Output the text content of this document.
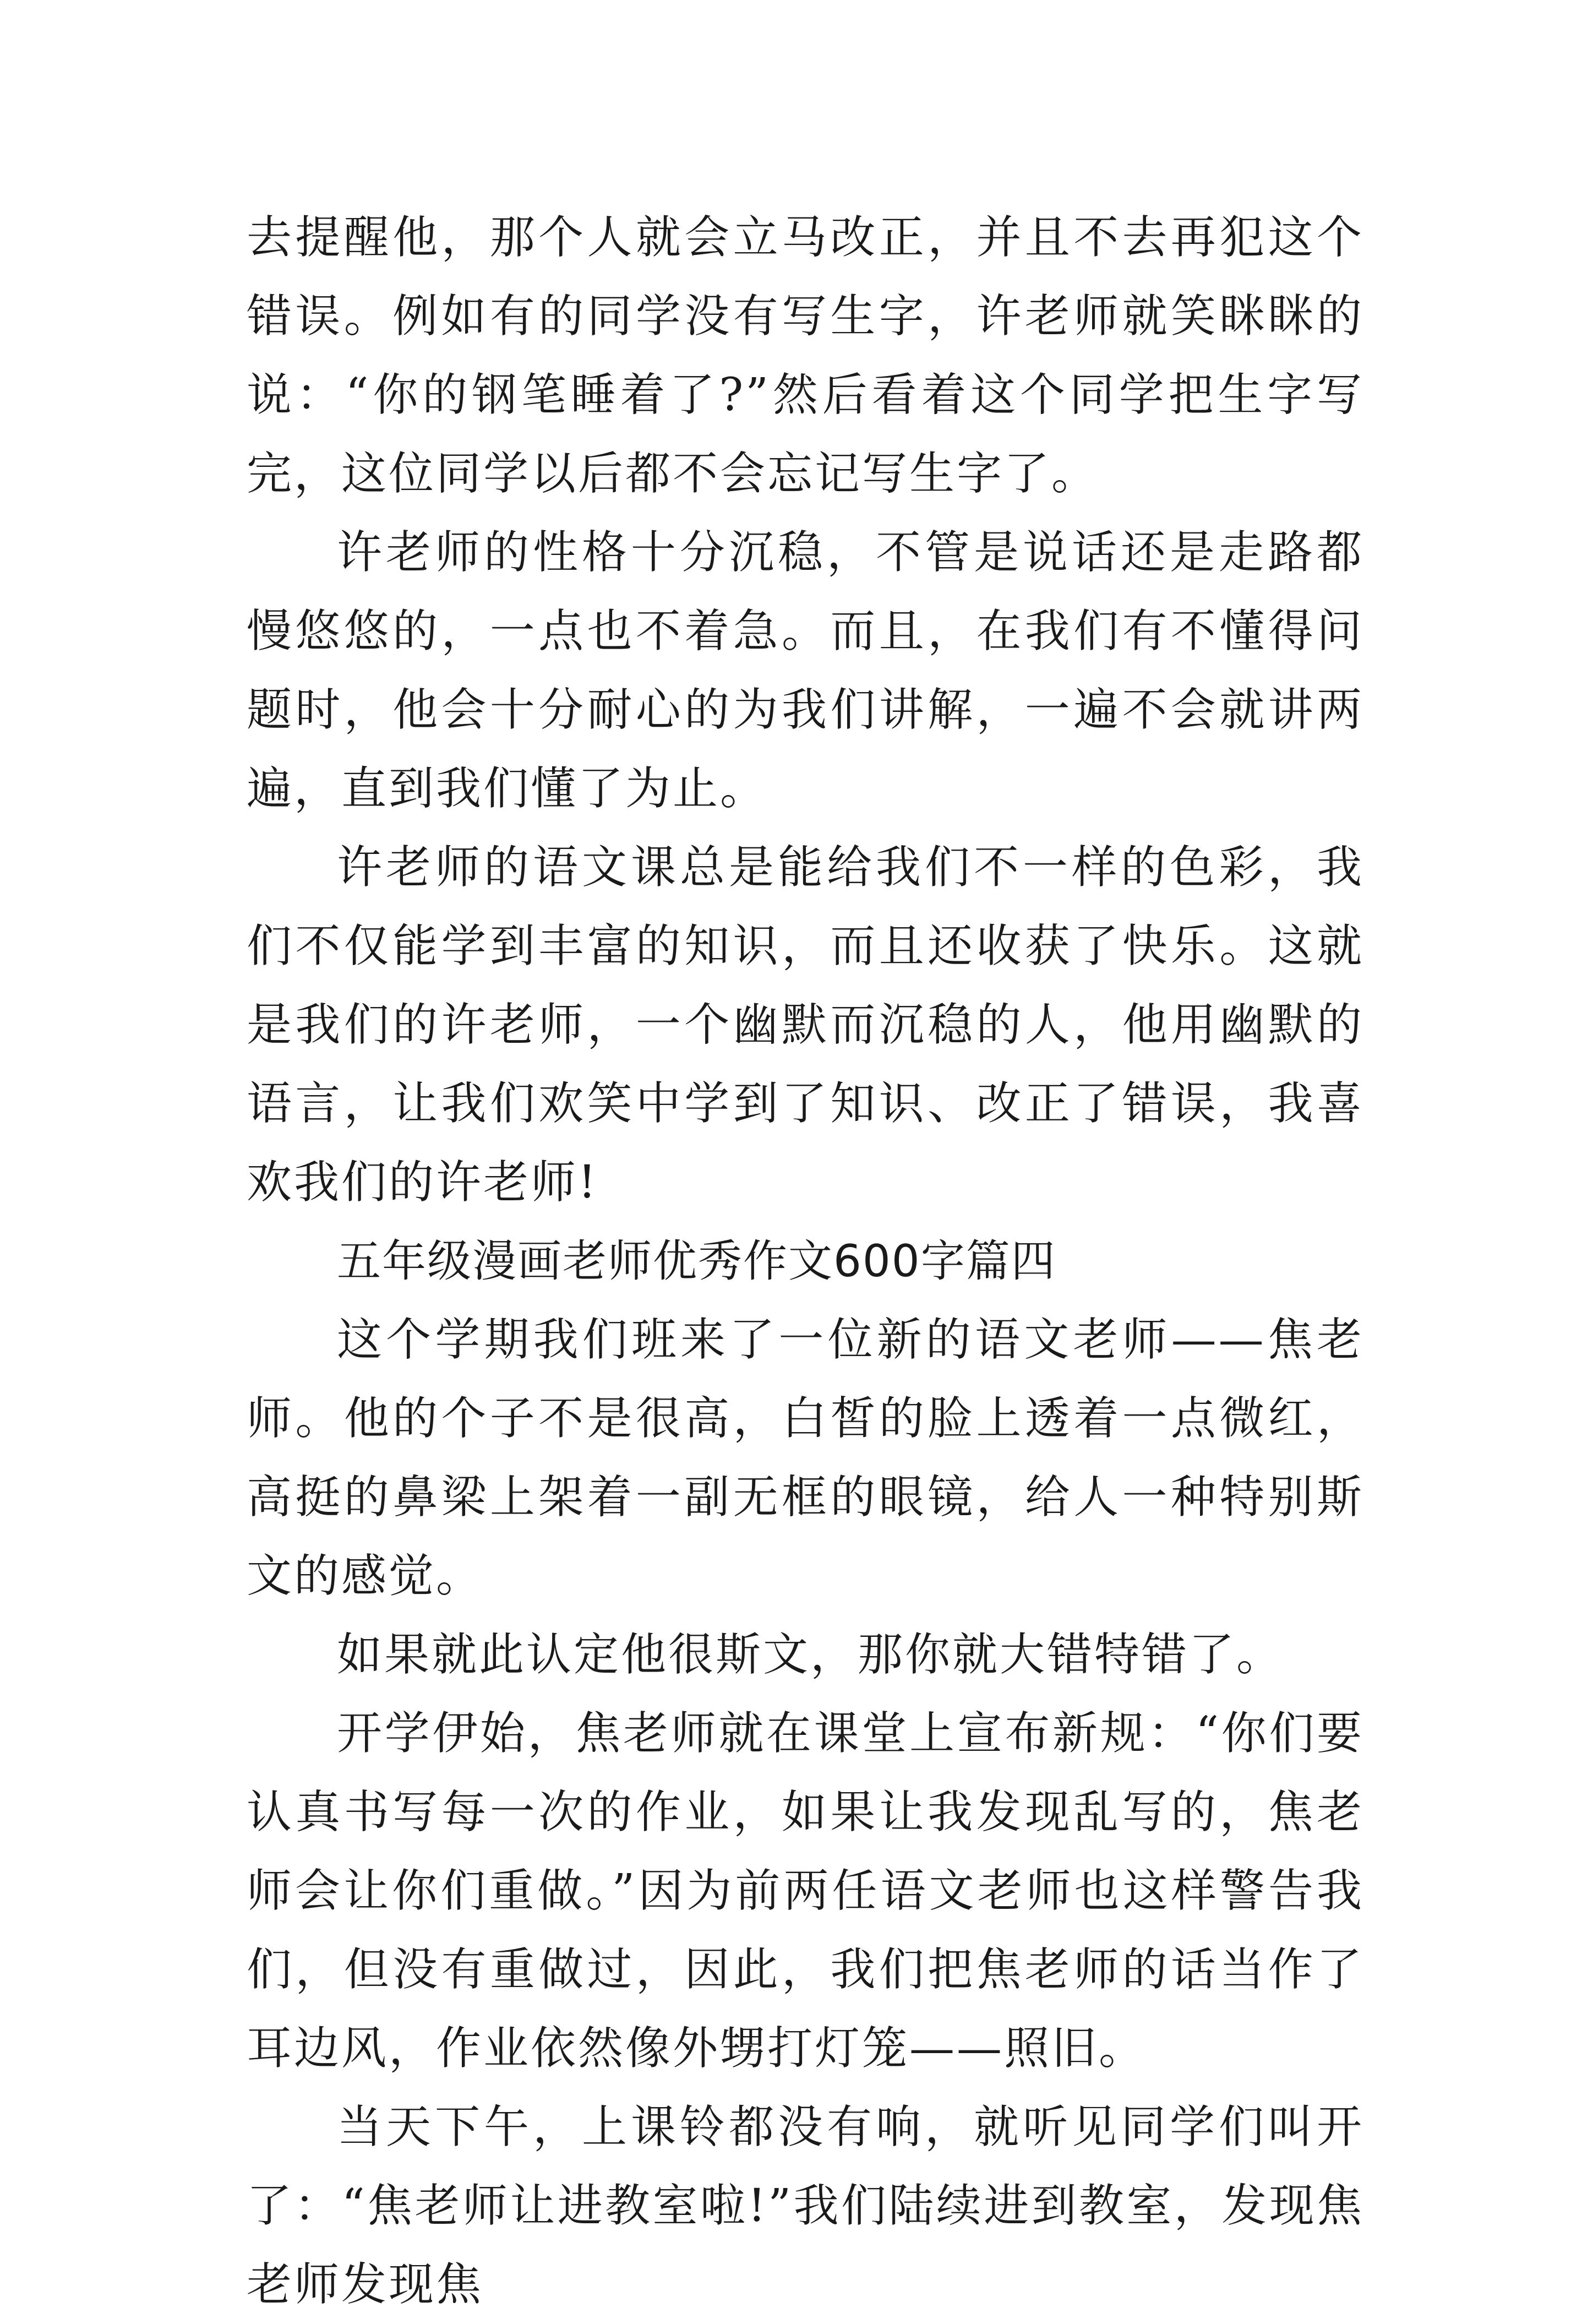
去提醒他，那个人就会立马改正，并且不去再犯这个错误。例如有的同学没有写生字，许老师就笑眯眯的说：“你的钢笔睡着了?”然后看着这个同学把生字写完，这位同学以后都不会忘记写生字了。

许老师的性格十分沉稳，不管是说话还是走路都慢悠悠的，一点也不着急。而且，在我们有不懂得问题时，他会十分耐心的为我们讲解，一遍不会就讲两遍，直到我们懂了为止。

许老师的语文课总是能给我们不一样的色彩，我们不仅能学到丰富的知识，而且还收获了快乐。这就是我们的许老师，一个幽默而沉稳的人，他用幽默的语言，让我们欢笑中学到了知识、改正了错误，我喜欢我们的许老师!

五年级漫画老师优秀作文600字篇四

这个学期我们班来了一位新的语文老师——焦老师。他的个子不是很高，白皙的脸上透着一点微红，高挺的鼻梁上架着一副无框的眼镜，给人一种特别斯文的感觉。

如果就此认定他很斯文，那你就大错特错了。

开学伊始，焦老师就在课堂上宣布新规：“你们要认真书写每一次的作业，如果让我发现乱写的，焦老师会让你们重做。”因为前两任语文老师也这样警告我们，但没有重做过，因此，我们把焦老师的话当作了耳边风，作业依然像外甥打灯笼——照旧。

当天下午，上课铃都没有响，就听见同学们叫开了：“焦老师让进教室啦!”我们陆续进到教室，发现焦老师发现焦
